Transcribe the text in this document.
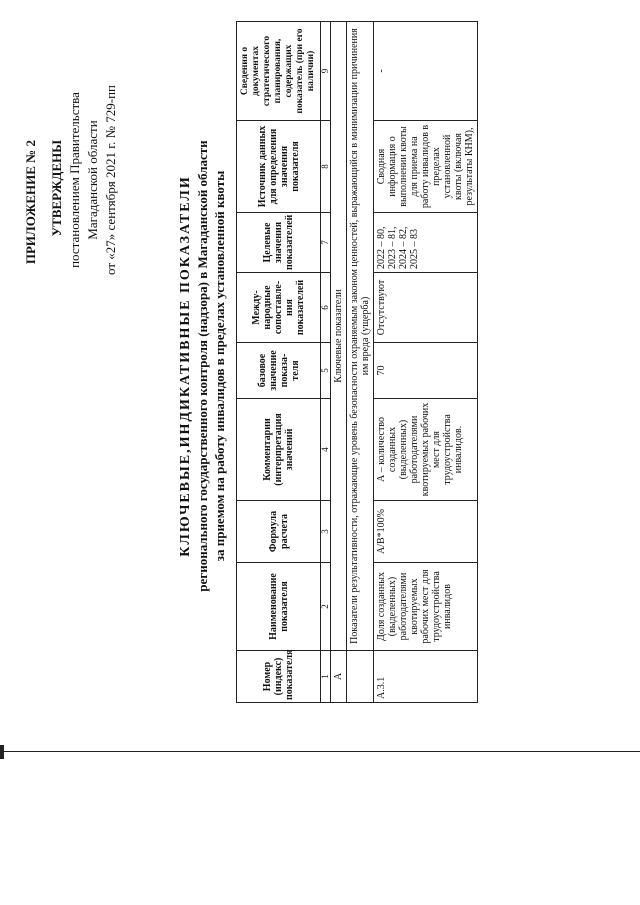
ПРИЛОЖЕНИЕ № 2 УТВЕРЖДЕНЫ постановлением Правительства Магаданской области от «27» сентября 2021 г. № 729-пп	КЛЮЧЕВЫЕ,ИНДИКАТИВНЫЕ ПОКАЗАТЕЛИ регионального государственного контроля (надзора) в Магаданской области за приемом на работу инвалидов в пределах установленной квоты
Номер (индекс) показателя	Наименование показателя	Формула расчета	Комментарии (интерпретация значений	базовое значение показа-теля	Между-народные сопоставле-ния показателей	Целевые значения показателей	Источник данных для определения значения показателя	Сведения о документах стратегического планирования, содержащих показатель (при его наличии)
1	2	3	4	5	6	7	8	9
А	Ключевые показатели							
	Показатели результативности, отражающие уровень безопасности охраняемым законом ценностей, выражающийся в минимизации причинения им вреда (ущерба)							
А.3.1	Доля созданных (выделенных) работодателями квотируемых рабочих мест для трудоустройства инвалидов	А/В*100%	А – количество созданных (выделенных) работодателями квотируемых рабочих мест для трудоустройства инвалидов.	70	Отсутствуют	2022 – 80, 2023 – 81, 2024 – 82, 2025 – 83	Сводная информация о выполнении квоты для приема на работу инвалидов в пределах установленной квоты (включая результаты КНМ),	-
